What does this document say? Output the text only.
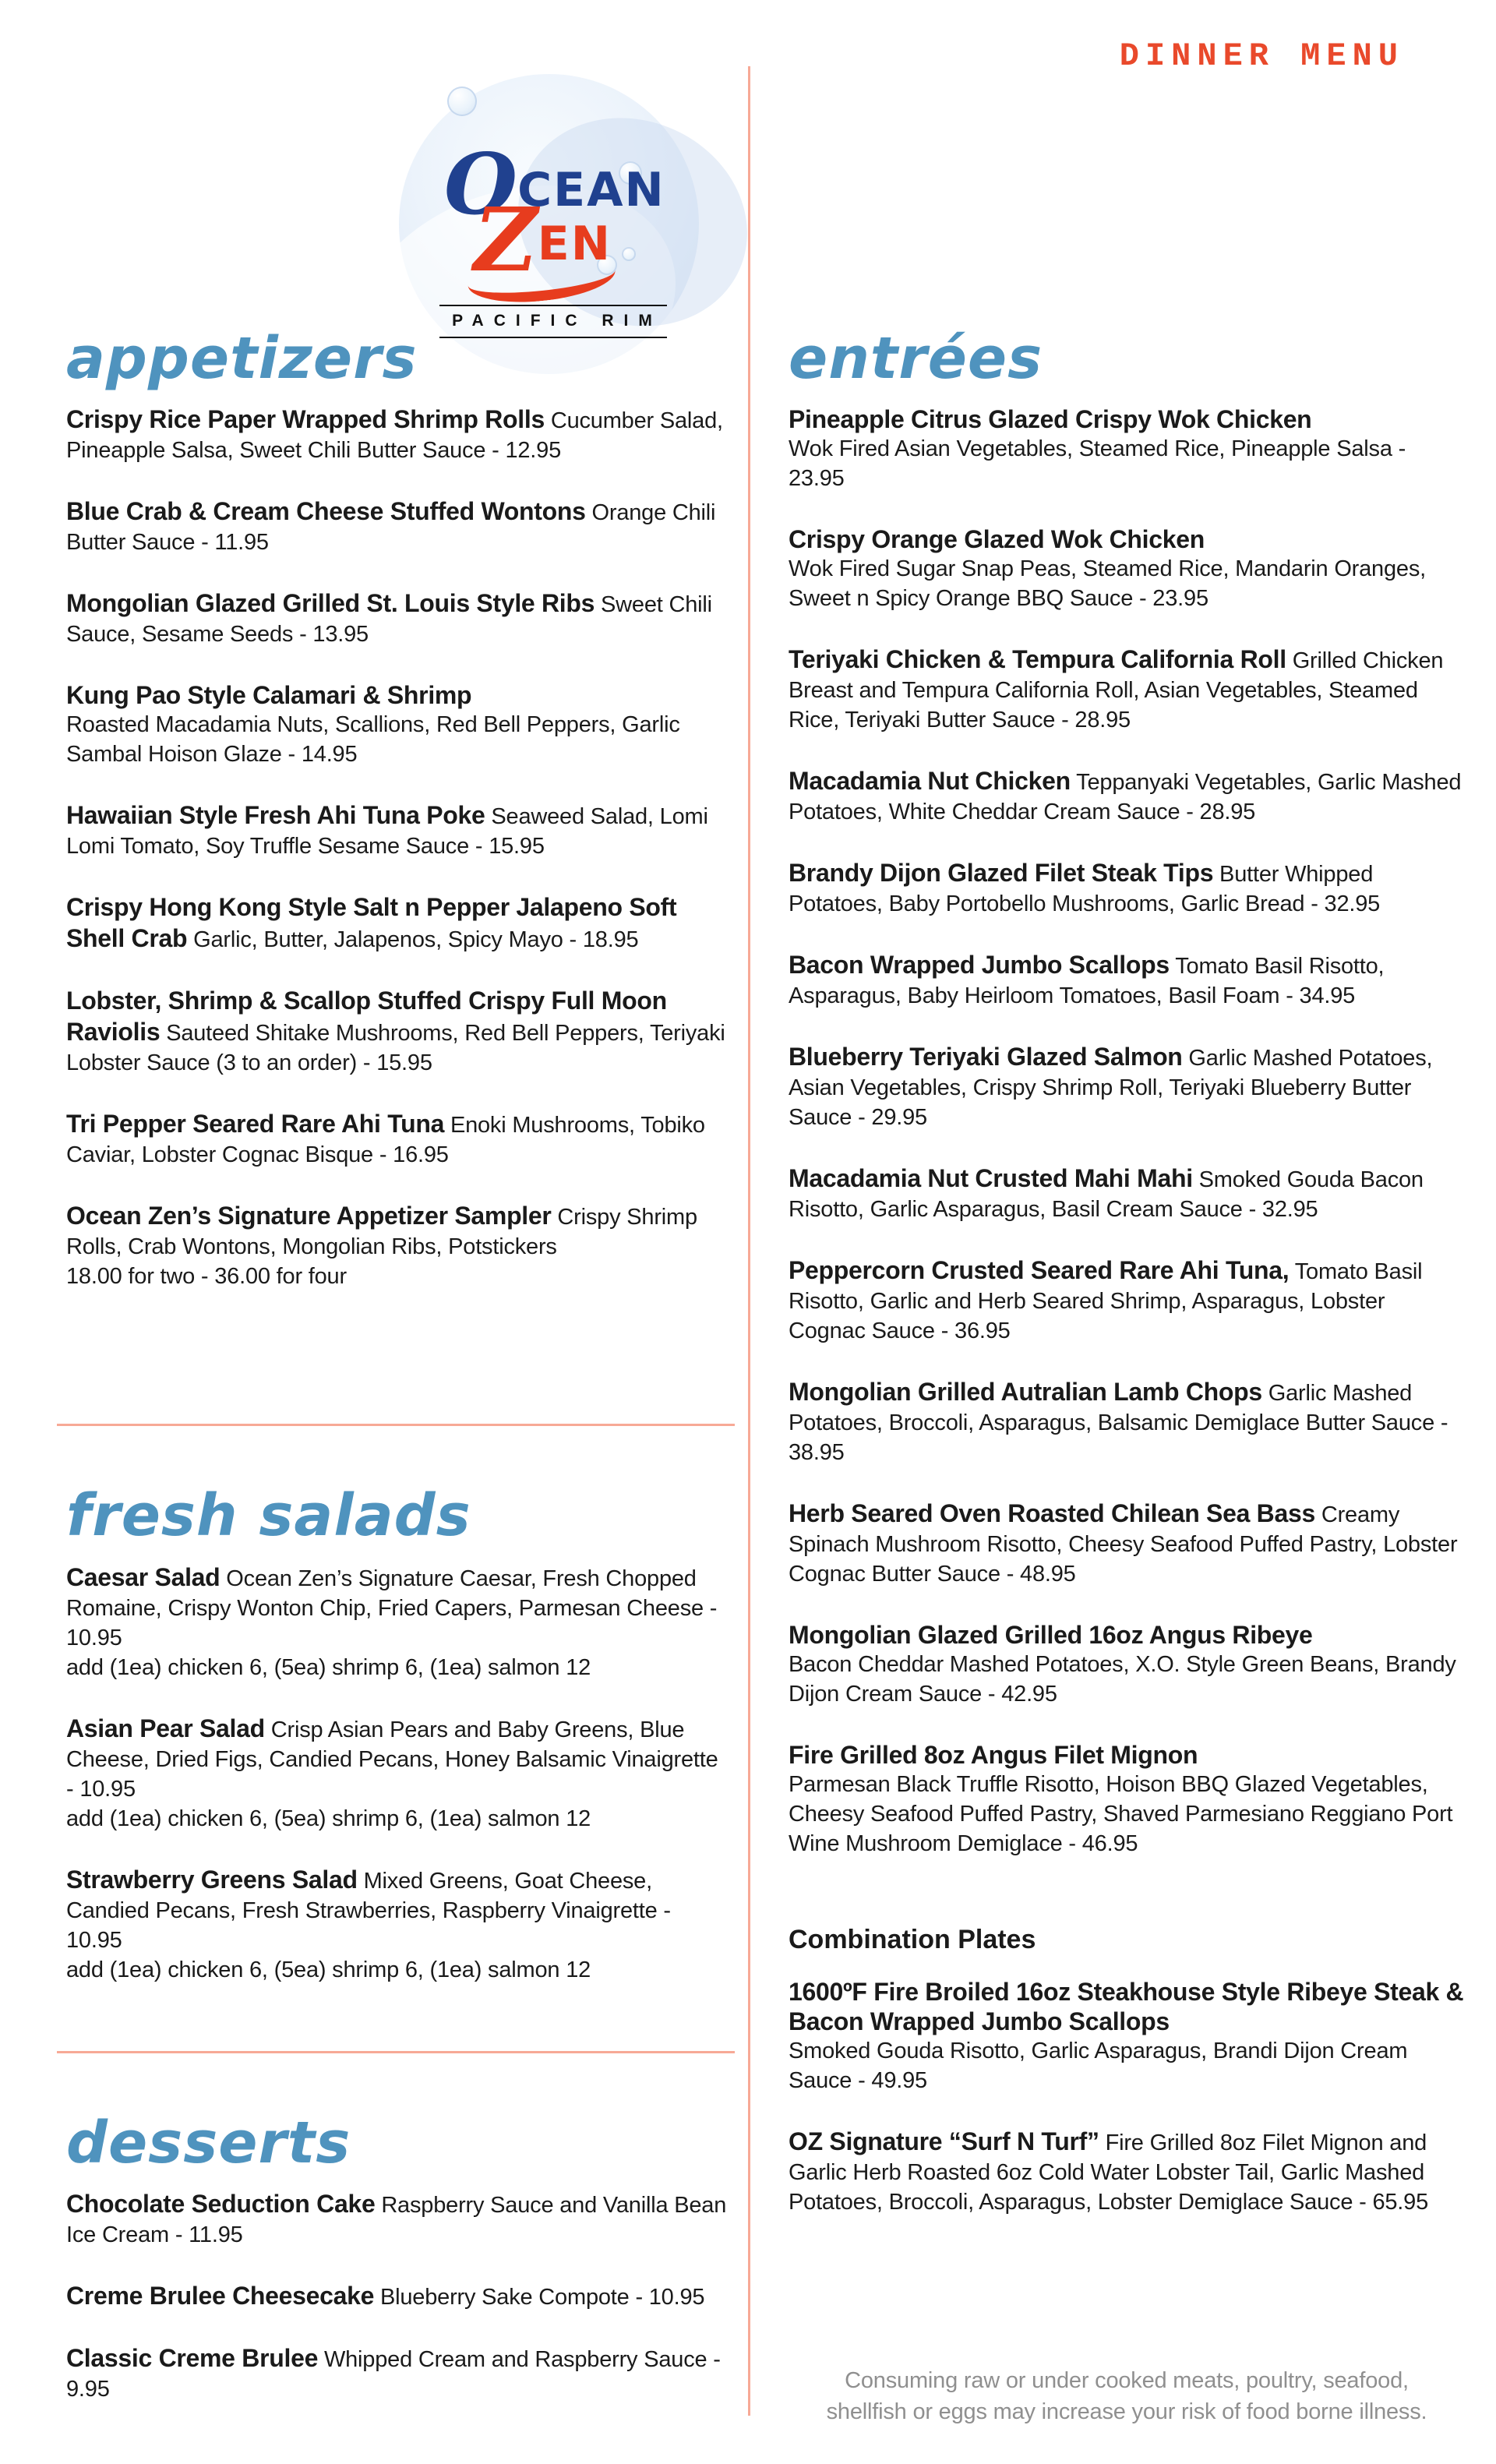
DINNER MENU
OCEAN
ZEN
PACIFIC RIM
appetizers

Crispy Rice Paper Wrapped Shrimp Rolls Cucumber Salad, Pineapple Salsa, Sweet Chili Butter Sauce - 12.95

Blue Crab & Cream Cheese Stuffed Wontons Orange Chili Butter Sauce - 11.95

Mongolian Glazed Grilled St. Louis Style Ribs Sweet Chili Sauce, Sesame Seeds - 13.95

Kung Pao Style Calamari & Shrimp
Roasted Macadamia Nuts, Scallions, Red Bell Peppers, Garlic Sambal Hoison Glaze - 14.95

Hawaiian Style Fresh Ahi Tuna Poke Seaweed Salad, Lomi Lomi Tomato, Soy Truffle Sesame Sauce - 15.95

Crispy Hong Kong Style Salt n Pepper Jalapeno Soft Shell Crab Garlic, Butter, Jalapenos, Spicy Mayo - 18.95

Lobster, Shrimp & Scallop Stuffed Crispy Full Moon Raviolis Sauteed Shitake Mushrooms, Red Bell Peppers, Teriyaki Lobster Sauce (3 to an order) - 15.95

Tri Pepper Seared Rare Ahi Tuna Enoki Mushrooms, Tobiko Caviar, Lobster Cognac Bisque - 16.95

Ocean Zen’s Signature Appetizer Sampler Crispy Shrimp Rolls, Crab Wontons, Mongolian Ribs, Potstickers
18.00 for two - 36.00 for four

fresh salads

Caesar Salad Ocean Zen’s Signature Caesar, Fresh Chopped Romaine, Crispy Wonton Chip, Fried Capers, Parmesan Cheese - 10.95
add (1ea) chicken 6, (5ea) shrimp 6, (1ea) salmon 12

Asian Pear Salad Crisp Asian Pears and Baby Greens, Blue Cheese, Dried Figs, Candied Pecans, Honey Balsamic Vinaigrette - 10.95
add (1ea) chicken 6, (5ea) shrimp 6, (1ea) salmon 12

Strawberry Greens Salad Mixed Greens, Goat Cheese, Candied Pecans, Fresh Strawberries, Raspberry Vinaigrette - 10.95
add (1ea) chicken 6, (5ea) shrimp 6, (1ea) salmon 12

desserts

Chocolate Seduction Cake Raspberry Sauce and Vanilla Bean Ice Cream - 11.95

Creme Brulee Cheesecake Blueberry Sake Compote - 10.95

Classic Creme Brulee Whipped Cream and Raspberry Sauce - 9.95

entrées

Pineapple Citrus Glazed Crispy Wok Chicken
Wok Fired Asian Vegetables, Steamed Rice, Pineapple Salsa - 23.95

Crispy Orange Glazed Wok Chicken
Wok Fired Sugar Snap Peas, Steamed Rice, Mandarin Oranges, Sweet n Spicy Orange BBQ Sauce - 23.95

Teriyaki Chicken & Tempura California Roll Grilled Chicken Breast and Tempura California Roll, Asian Vegetables, Steamed Rice, Teriyaki Butter Sauce - 28.95

Macadamia Nut Chicken Teppanyaki Vegetables, Garlic Mashed Potatoes, White Cheddar Cream Sauce - 28.95

Brandy Dijon Glazed Filet Steak Tips Butter Whipped Potatoes, Baby Portobello Mushrooms, Garlic Bread - 32.95

Bacon Wrapped Jumbo Scallops Tomato Basil Risotto, Asparagus, Baby Heirloom Tomatoes, Basil Foam - 34.95

Blueberry Teriyaki Glazed Salmon Garlic Mashed Potatoes, Asian Vegetables, Crispy Shrimp Roll, Teriyaki Blueberry Butter Sauce - 29.95

Macadamia Nut Crusted Mahi Mahi Smoked Gouda Bacon Risotto, Garlic Asparagus, Basil Cream Sauce - 32.95

Peppercorn Crusted Seared Rare Ahi Tuna, Tomato Basil Risotto, Garlic and Herb Seared Shrimp, Asparagus, Lobster Cognac Sauce - 36.95

Mongolian Grilled Autralian Lamb Chops Garlic Mashed Potatoes, Broccoli, Asparagus, Balsamic Demiglace Butter Sauce - 38.95

Herb Seared Oven Roasted Chilean Sea Bass Creamy Spinach Mushroom Risotto, Cheesy Seafood Puffed Pastry, Lobster Cognac Butter Sauce - 48.95

Mongolian Glazed Grilled 16oz Angus Ribeye
Bacon Cheddar Mashed Potatoes, X.O. Style Green Beans, Brandy Dijon Cream Sauce - 42.95

Fire Grilled 8oz Angus Filet Mignon
Parmesan Black Truffle Risotto, Hoison BBQ Glazed Vegetables, Cheesy Seafood Puffed Pastry, Shaved Parmesiano Reggiano Port Wine Mushroom Demiglace - 46.95

Combination Plates

1600ºF Fire Broiled 16oz Steakhouse Style Ribeye Steak & Bacon Wrapped Jumbo Scallops
Smoked Gouda Risotto, Garlic Asparagus, Brandi Dijon Cream Sauce - 49.95

OZ Signature “Surf N Turf” Fire Grilled 8oz Filet Mignon and Garlic Herb Roasted 6oz Cold Water Lobster Tail, Garlic Mashed Potatoes, Broccoli, Asparagus, Lobster Demiglace Sauce - 65.95

Consuming raw or under cooked meats, poultry, seafood,
shellfish or eggs may increase your risk of food borne illness.
